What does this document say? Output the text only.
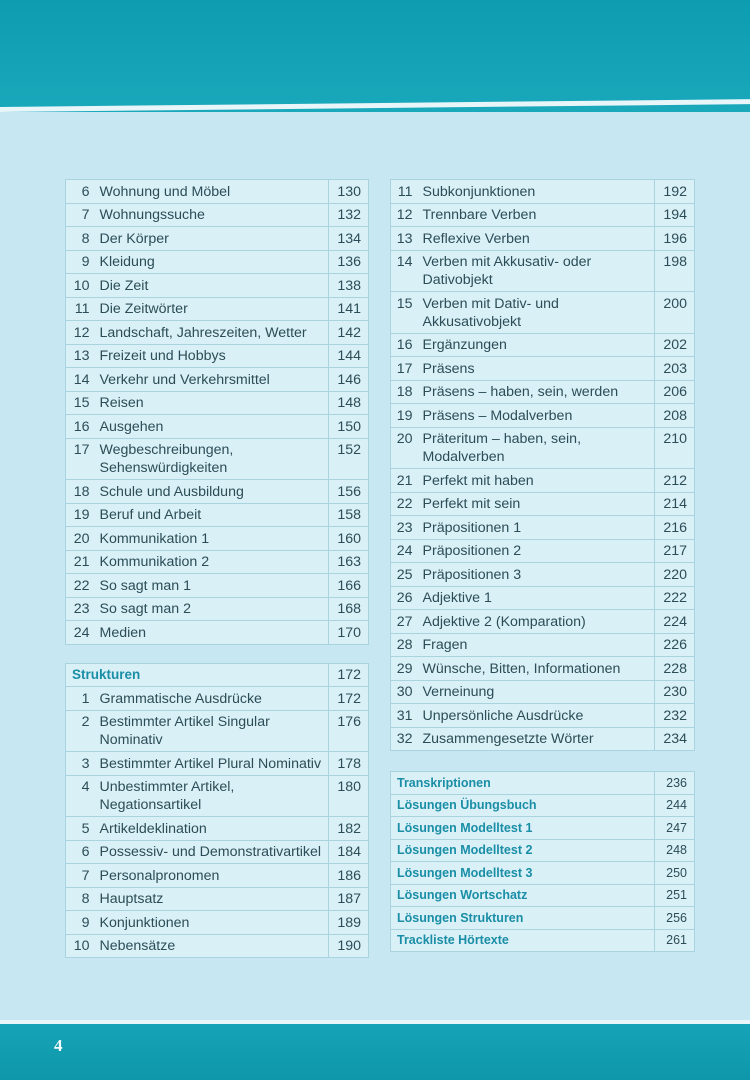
6	Wohnung und Möbel	130
7	Wohnungssuche	132
8	Der Körper	134
9	Kleidung	136
10	Die Zeit	138
11	Die Zeitwörter	141
12	Landschaft, Jahreszeiten, Wetter	142
13	Freizeit und Hobbys	144
14	Verkehr und Verkehrsmittel	146
15	Reisen	148
16	Ausgehen	150
17	Wegbeschreibungen, Sehenswürdigkeiten	152
18	Schule und Ausbildung	156
19	Beruf und Arbeit	158
20	Kommunikation 1	160
21	Kommunikation 2	163
22	So sagt man 1	166
23	So sagt man 2	168
24	Medien	170
Strukturen		172
1	Grammatische Ausdrücke	172
2	Bestimmter Artikel Singular Nominativ	176
3	Bestimmter Artikel Plural Nominativ	178
4	Unbestimmter Artikel, Negationsartikel	180
5	Artikeldeklination	182
6	Possessiv- und Demonstrativartikel	184
7	Personalpronomen	186
8	Hauptsatz	187
9	Konjunktionen	189
10	Nebensätze	190
11	Subkonjunktionen	192
12	Trennbare Verben	194
13	Reflexive Verben	196
14	Verben mit Akkusativ- oder Dativobjekt	198
15	Verben mit Dativ- und Akkusativobjekt	200
16	Ergänzungen	202
17	Präsens	203
18	Präsens – haben, sein, werden	206
19	Präsens – Modalverben	208
20	Präteritum – haben, sein, Modalverben	210
21	Perfekt mit haben	212
22	Perfekt mit sein	214
23	Präpositionen 1	216
24	Präpositionen 2	217
25	Präpositionen 3	220
26	Adjektive 1	222
27	Adjektive 2 (Komparation)	224
28	Fragen	226
29	Wünsche, Bitten, Informationen	228
30	Verneinung	230
31	Unpersönliche Ausdrücke	232
32	Zusammengesetzte Wörter	234
Transkriptionen	236
Lösungen Übungsbuch	244
Lösungen Modelltest 1	247
Lösungen Modelltest 2	248
Lösungen Modelltest 3	250
Lösungen Wortschatz	251
Lösungen Strukturen	256
Trackliste Hörtexte	261
4
